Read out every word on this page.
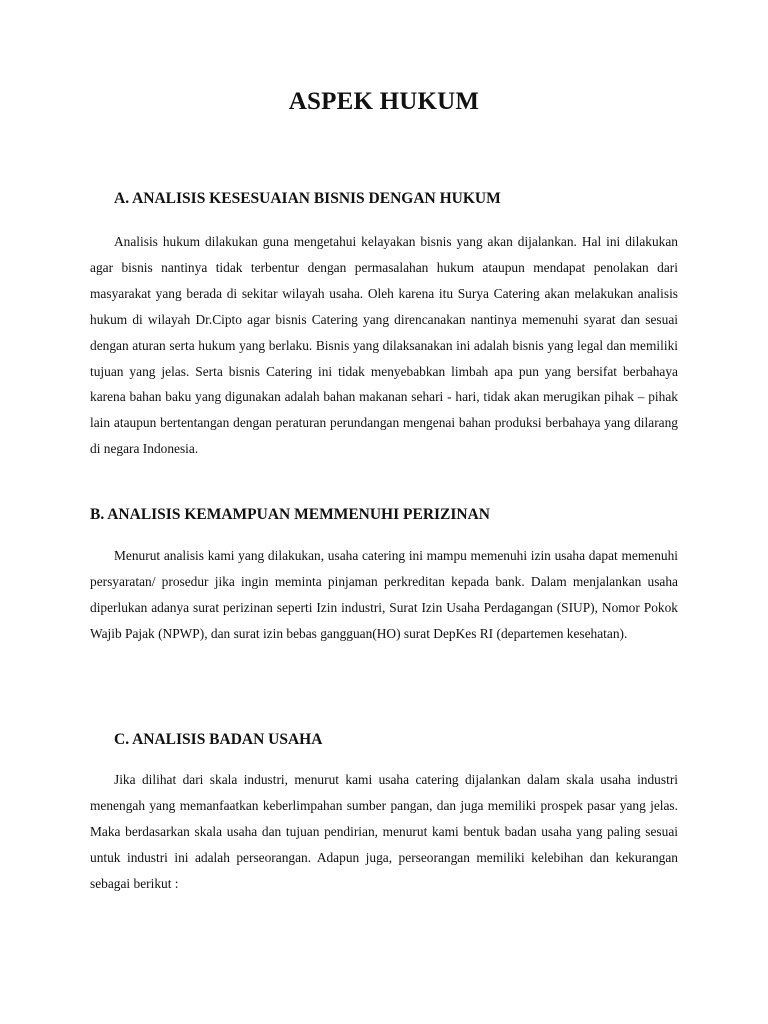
ASPEK HUKUM
A. ANALISIS KESESUAIAN BISNIS DENGAN HUKUM

Analisis hukum dilakukan guna mengetahui kelayakan bisnis yang akan dijalankan. Hal ini dilakukan agar bisnis nantinya tidak terbentur dengan permasalahan hukum ataupun mendapat penolakan dari masyarakat yang berada di sekitar wilayah usaha. Oleh karena itu Surya Catering akan melakukan analisis hukum di wilayah Dr.Cipto agar bisnis Catering yang direncanakan nantinya memenuhi syarat dan sesuai dengan aturan serta hukum yang berlaku. Bisnis yang dilaksanakan ini adalah bisnis yang legal dan memiliki tujuan yang jelas. Serta bisnis Catering ini tidak menyebabkan limbah apa pun yang bersifat berbahaya karena bahan baku yang digunakan adalah bahan makanan sehari - hari, tidak akan merugikan pihak – pihak lain ataupun bertentangan dengan peraturan perundangan mengenai bahan produksi berbahaya yang dilarang di negara Indonesia.

B. ANALISIS KEMAMPUAN MEMMENUHI PERIZINAN

Menurut analisis kami yang dilakukan, usaha catering ini mampu memenuhi izin usaha dapat memenuhi persyaratan/ prosedur jika ingin meminta pinjaman perkreditan kepada bank. Dalam menjalankan usaha diperlukan adanya surat perizinan seperti Izin industri, Surat Izin Usaha Perdagangan (SIUP), Nomor Pokok Wajib Pajak (NPWP), dan surat izin bebas gangguan(HO) surat DepKes RI (departemen kesehatan).

C. ANALISIS BADAN USAHA

Jika dilihat dari skala industri, menurut kami usaha catering dijalankan dalam skala usaha industri menengah yang memanfaatkan keberlimpahan sumber pangan, dan juga memiliki prospek pasar yang jelas. Maka berdasarkan skala usaha dan tujuan pendirian, menurut kami bentuk badan usaha yang paling sesuai untuk industri ini adalah perseorangan. Adapun juga, perseorangan memiliki kelebihan dan kekurangan sebagai berikut :
